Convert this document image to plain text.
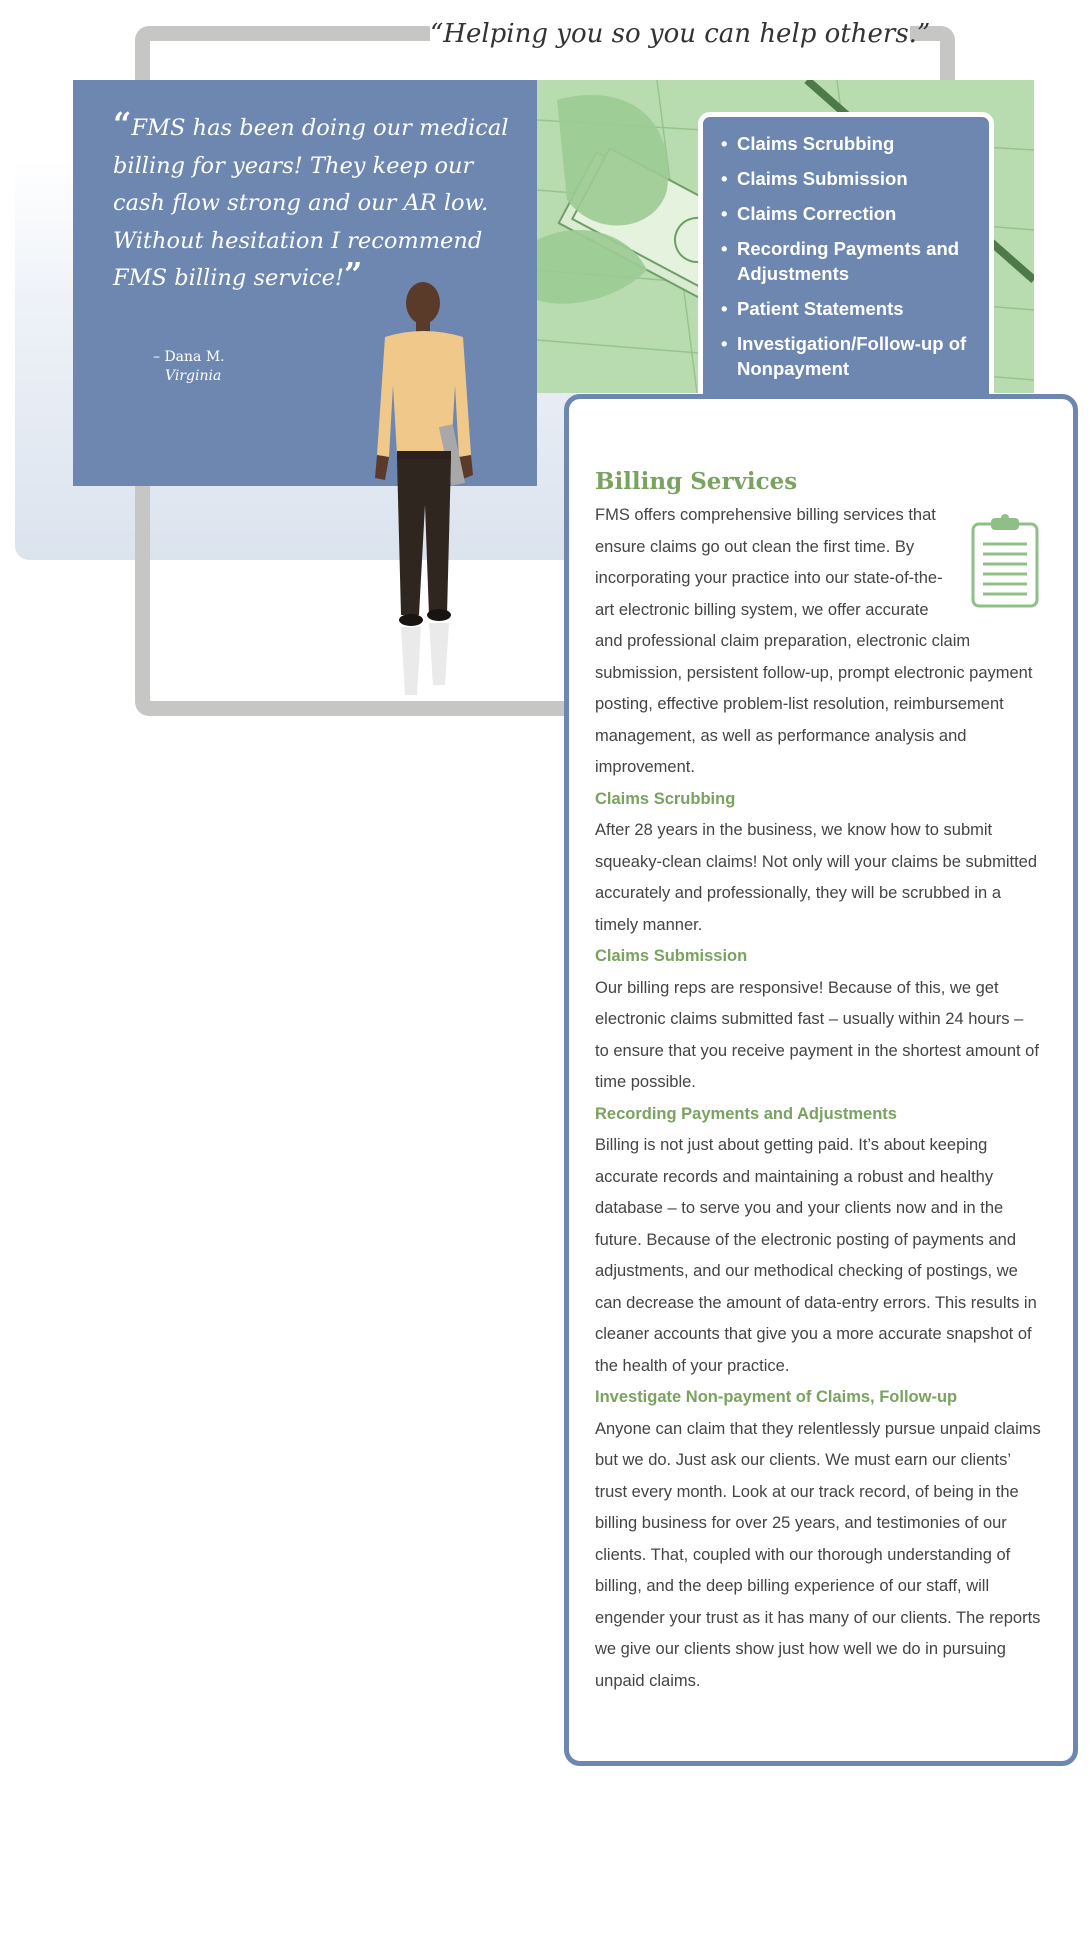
“Helping you so you can help others.”
“FMS has been doing our medical billing for years! They keep our cash flow strong and our AR low. Without hesitation I recommend FMS billing service!”
– Dana M.
Virginia
• Claims Scrubbing
• Claims Submission
• Claims Correction
• Recording Payments and Adjustments
• Patient Statements
• Investigation/Follow-up of Nonpayment
•
Billing Services

FMS offers comprehensive billing services that ensure claims go out clean the first time. By incorporating your practice into our state-of-the-art electronic billing system, we offer accurate and professional claim preparation, electronic claim submission, persistent follow-up, prompt electronic payment posting, effective problem-list resolution, reimbursement management, as well as performance analysis and improvement.

Claims Scrubbing

After 28 years in the business, we know how to submit squeaky-clean claims! Not only will your claims be submitted accurately and professionally, they will be scrubbed in a timely manner.

Claims Submission

Our billing reps are responsive! Because of this, we get electronic claims submitted fast – usually within 24 hours – to ensure that you receive payment in the shortest amount of time possible.

Recording Payments and Adjustments

Billing is not just about getting paid. It’s about keeping accurate records and maintaining a robust and healthy database – to serve you and your clients now and in the future. Because of the electronic posting of payments and adjustments, and our methodical checking of postings, we can decrease the amount of data-entry errors. This results in cleaner accounts that give you a more accurate snapshot of the health of your practice.

Investigate Non-payment of Claims, Follow-up

Anyone can claim that they relentlessly pursue unpaid claims but we do. Just ask our clients. We must earn our clients’ trust every month. Look at our track record, of being in the billing business for over 25 years, and testimonies of our clients. That, coupled with our thorough understanding of billing, and the deep billing experience of our staff, will engender your trust as it has many of our clients. The reports we give our clients show just how well we do in pursuing unpaid claims.
